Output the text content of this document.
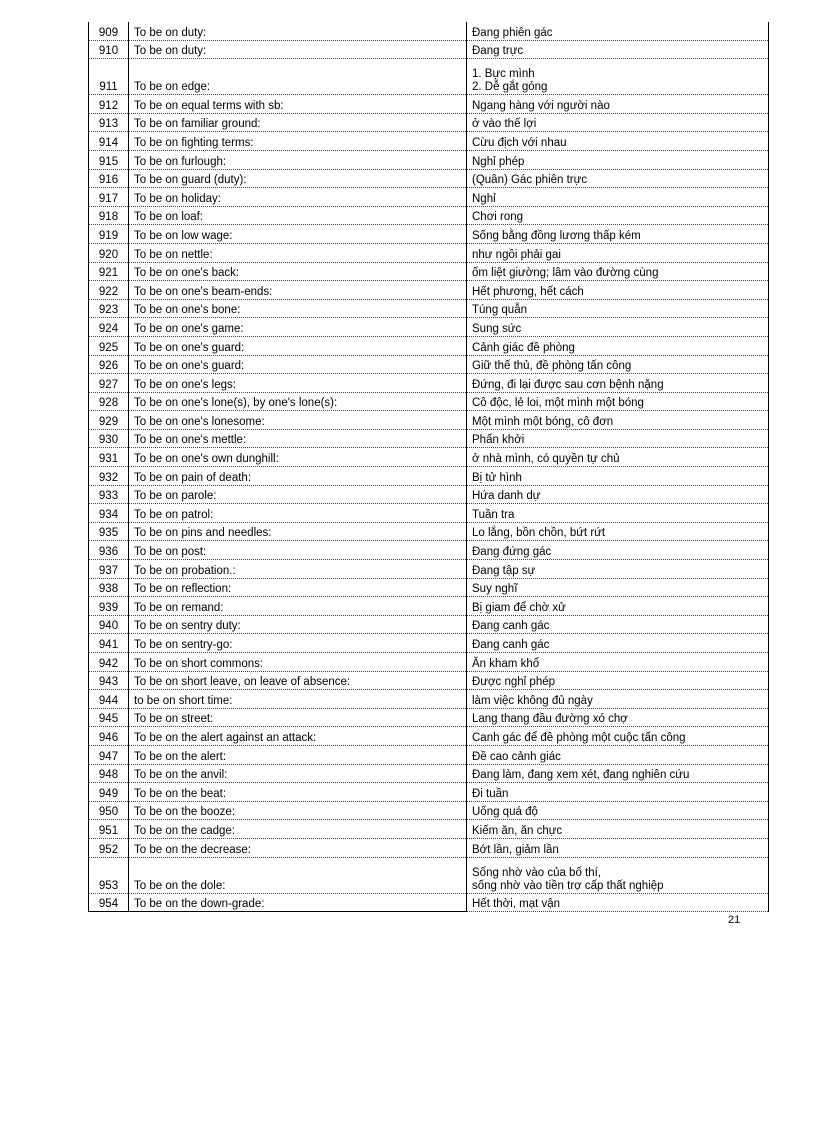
909	To be on duty:	Đang phiên gác

910	To be on duty:	Đang trực

911	To be on edge:	1. Bực mình
2. Dễ gắt gỏng

912	To be on equal terms with sb:	Ngang hàng với người nào

913	To be on familiar ground:	ở vào thế lợi

914	To be on fighting terms:	Cừu địch với nhau

915	To be on furlough:	Nghỉ phép

916	To be on guard (duty):	(Quân) Gác phiên trực

917	To be on holiday:	Nghỉ

918	To be on loaf:	Chơi rong

919	To be on low wage:	Sống bằng đồng lương thấp kém

920	To be on nettle:	như ngồi phải gai

921	To be on one's back:	ốm liệt giường; lâm vào đường cùng

922	To be on one's beam-ends:	Hết phương, hết cách

923	To be on one's bone:	Túng quẫn

924	To be on one's game:	Sung sức

925	To be on one's guard:	Cảnh giác đề phòng

926	To be on one's guard:	Giữ thế thủ, đề phòng tấn công

927	To be on one's legs:	Đứng, đi lại được sau cơn bệnh nặng

928	To be on one's lone(s), by one's lone(s):	Cô độc, lẻ loi, một mình một bóng

929	To be on one's lonesome:	Một mình một bóng, cô đơn

930	To be on one's mettle:	Phấn khởi

931	To be on one's own dunghill:	ở nhà mình, có quyền tự chủ

932	To be on pain of death:	Bị tử hình

933	To be on parole:	Hứa danh dự

934	To be on patrol:	Tuần tra

935	To be on pins and needles:	Lo lắng, bồn chồn, bứt rứt

936	To be on post:	Đang đứng gác

937	To be on probation.:	Đang tập sự

938	To be on reflection:	Suy nghĩ

939	To be on remand:	Bị giam để chờ xử

940	To be on sentry duty:	Đang canh gác

941	To be on sentry-go:	Đang canh gác

942	To be on short commons:	Ăn kham khổ

943	To be on short leave, on leave of absence:	Được nghỉ phép

944	to be on short time:	làm việc không đủ ngày

945	To be on street:	Lang thang đầu đường xó chợ

946	To be on the alert against an attack:	Canh gác để đề phòng một cuộc tấn công

947	To be on the alert:	Đề cao cảnh giác

948	To be on the anvil:	Đang làm, đang xem xét, đang nghiên cứu

949	To be on the beat:	Đi tuần

950	To be on the booze:	Uống quá độ

951	To be on the cadge:	Kiếm ăn, ăn chực

952	To be on the decrease:	Bớt lần, giảm lần

953	To be on the dole:	Sống nhờ vào của bố thí,
sống nhờ vào tiền trợ cấp thất nghiệp

954	To be on the down-grade:	Hết thời, mạt vận
21
